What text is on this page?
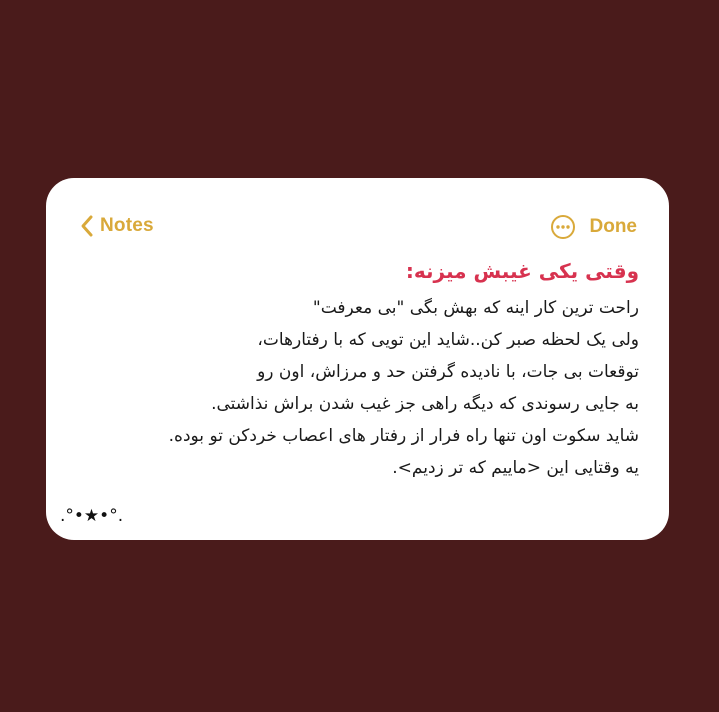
Notes	Done
وقتی یکی غیبش میزنه:
راحت ترین کار اینه که بهش بگی "بی معرفت"
ولی یک لحظه صبر کن..شاید این تویی که با رفتارهات،
توقعات بی جات، با نادیده گرفتن حد و مرزاش، اون رو
به جایی رسوندی که دیگه راهی جز غیب شدن براش نذاشتی.
شاید سکوت اون تنها راه فرار از رفتار های اعصاب خردکن تو بوده.
یه وقتایی این <ماییم که تر زدیم>.
.°•★•°.
